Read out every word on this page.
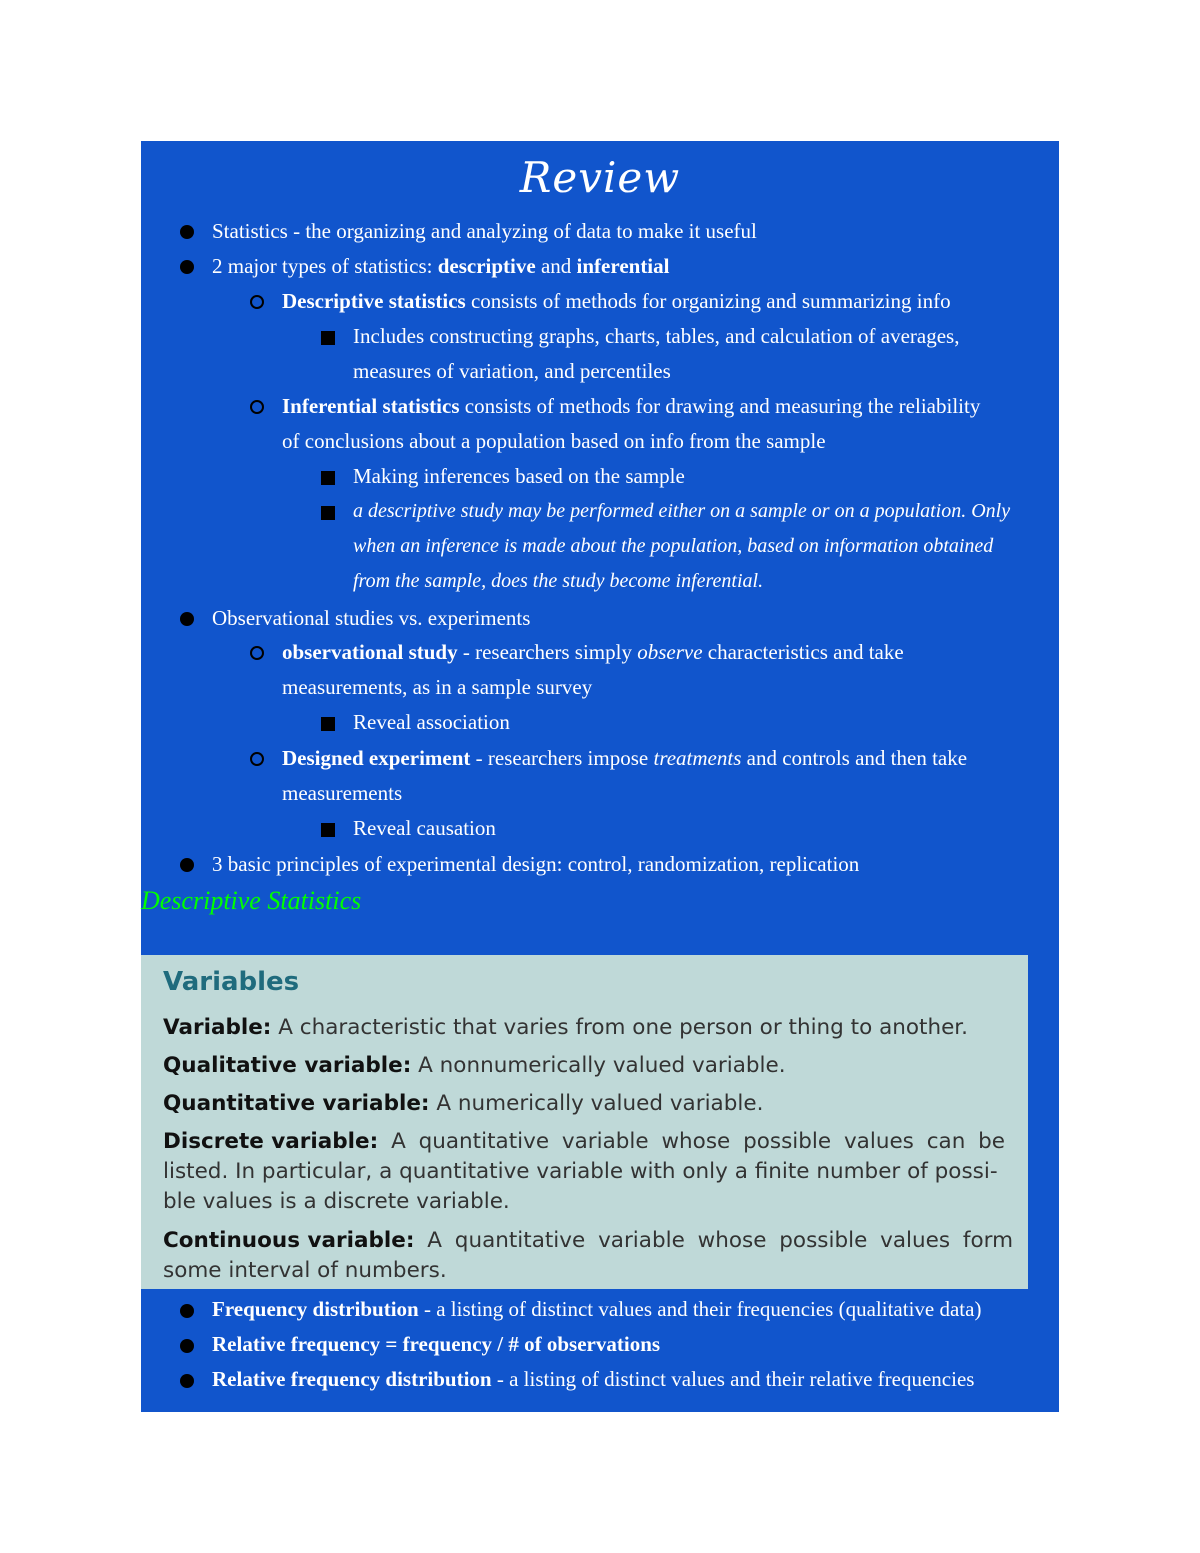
Review
Statistics - the organizing and analyzing of data to make it useful
2 major types of statistics: descriptive and inferential
Descriptive statistics consists of methods for organizing and summarizing info
Includes constructing graphs, charts, tables, and calculation of averages,
measures of variation, and percentiles
Inferential statistics consists of methods for drawing and measuring the reliability
of conclusions about a population based on info from the sample
Making inferences based on the sample
a descriptive study may be performed either on a sample or on a population. Only
when an inference is made about the population, based on information obtained
from the sample, does the study become inferential.
Observational studies vs. experiments
observational study - researchers simply observe characteristics and take
measurements, as in a sample survey
Reveal association
Designed experiment - researchers impose treatments and controls and then take
measurements
Reveal causation
3 basic principles of experimental design: control, randomization, replication
Descriptive Statistics
Variables
Variable: A characteristic that varies from one person or thing to another.
Qualitative variable: A nonnumerically valued variable.
Quantitative variable: A numerically valued variable.
Discrete variable: A quantitative variable whose possible values can be
listed. In particular, a quantitative variable with only a finite number of possi-
ble values is a discrete variable.
Continuous variable: A quantitative variable whose possible values form
some interval of numbers.
Frequency distribution - a listing of distinct values and their frequencies (qualitative data)
Relative frequency = frequency / # of observations
Relative frequency distribution - a listing of distinct values and their relative frequencies
